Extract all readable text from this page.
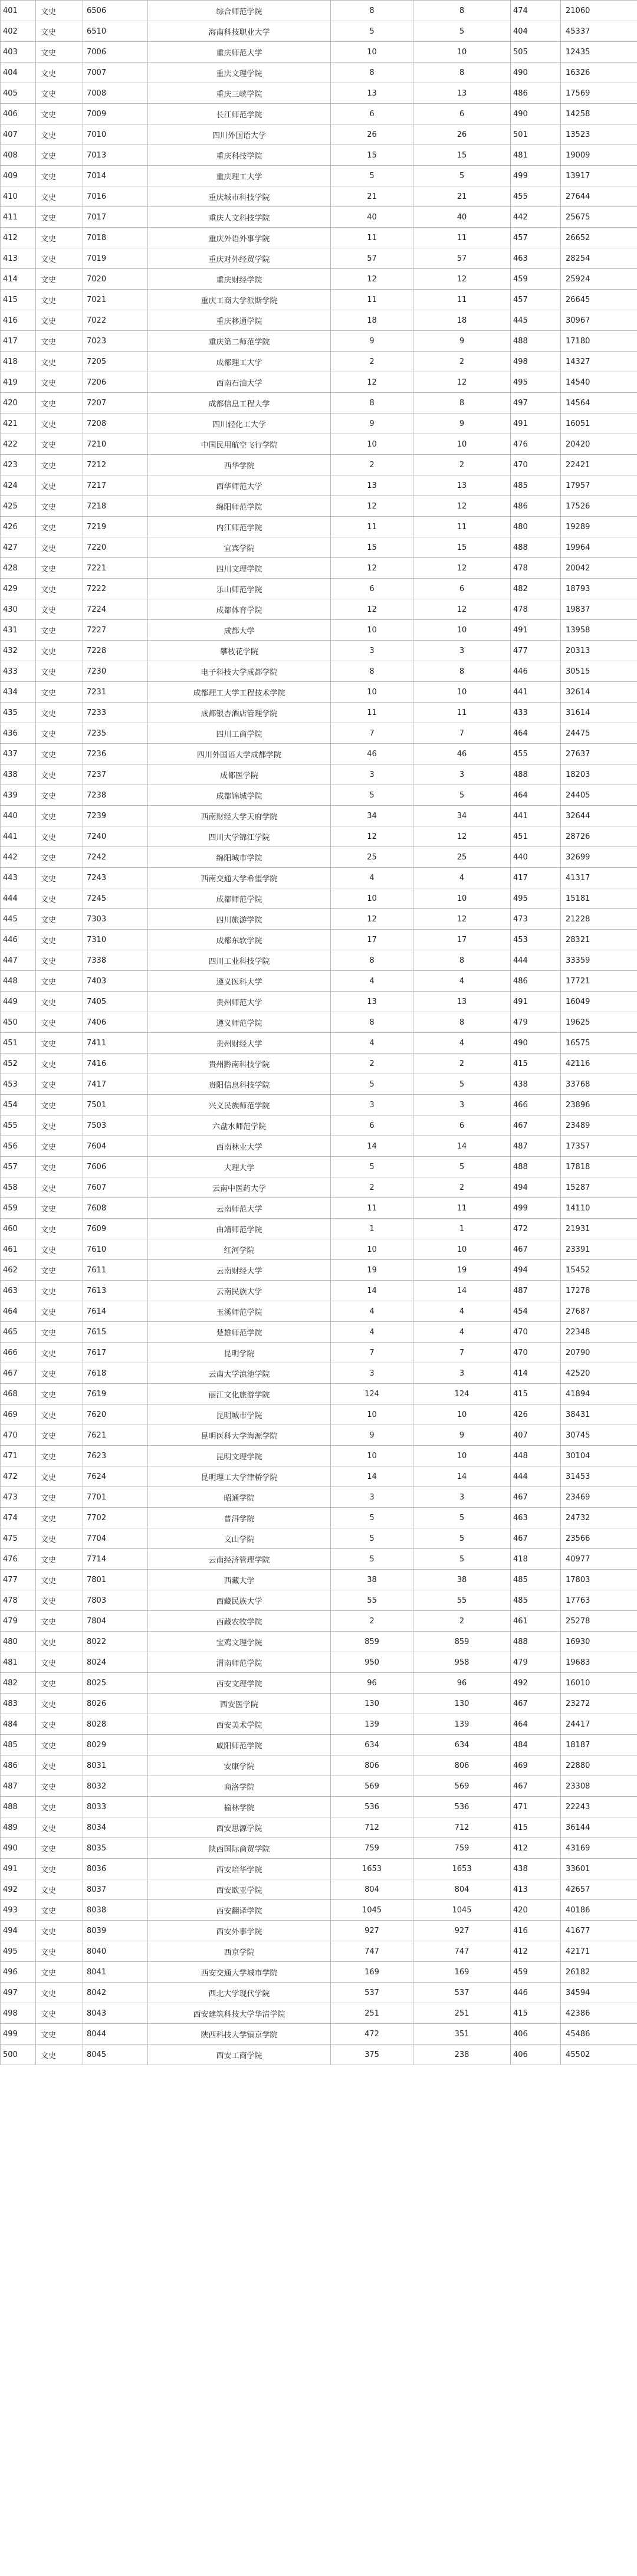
401	文史	6506	综合师范学院	8	8	474	21060
402	文史	6510	海南科技职业大学	5	5	404	45337
403	文史	7006	重庆师范大学	10	10	505	12435
404	文史	7007	重庆文理学院	8	8	490	16326
405	文史	7008	重庆三峡学院	13	13	486	17569
406	文史	7009	长江师范学院	6	6	490	14258
407	文史	7010	四川外国语大学	26	26	501	13523
408	文史	7013	重庆科技学院	15	15	481	19009
409	文史	7014	重庆理工大学	5	5	499	13917
410	文史	7016	重庆城市科技学院	21	21	455	27644
411	文史	7017	重庆人文科技学院	40	40	442	25675
412	文史	7018	重庆外语外事学院	11	11	457	26652
413	文史	7019	重庆对外经贸学院	57	57	463	28254
414	文史	7020	重庆财经学院	12	12	459	25924
415	文史	7021	重庆工商大学派斯学院	11	11	457	26645
416	文史	7022	重庆移通学院	18	18	445	30967
417	文史	7023	重庆第二师范学院	9	9	488	17180
418	文史	7205	成都理工大学	2	2	498	14327
419	文史	7206	西南石油大学	12	12	495	14540
420	文史	7207	成都信息工程大学	8	8	497	14564
421	文史	7208	四川轻化工大学	9	9	491	16051
422	文史	7210	中国民用航空飞行学院	10	10	476	20420
423	文史	7212	西华学院	2	2	470	22421
424	文史	7217	西华师范大学	13	13	485	17957
425	文史	7218	绵阳师范学院	12	12	486	17526
426	文史	7219	内江师范学院	11	11	480	19289
427	文史	7220	宜宾学院	15	15	488	19964
428	文史	7221	四川文理学院	12	12	478	20042
429	文史	7222	乐山师范学院	6	6	482	18793
430	文史	7224	成都体育学院	12	12	478	19837
431	文史	7227	成都大学	10	10	491	13958
432	文史	7228	攀枝花学院	3	3	477	20313
433	文史	7230	电子科技大学成都学院	8	8	446	30515
434	文史	7231	成都理工大学工程技术学院	10	10	441	32614
435	文史	7233	成都银杏酒店管理学院	11	11	433	31614
436	文史	7235	四川工商学院	7	7	464	24475
437	文史	7236	四川外国语大学成都学院	46	46	455	27637
438	文史	7237	成都医学院	3	3	488	18203
439	文史	7238	成都锦城学院	5	5	464	24405
440	文史	7239	西南财经大学天府学院	34	34	441	32644
441	文史	7240	四川大学锦江学院	12	12	451	28726
442	文史	7242	绵阳城市学院	25	25	440	32699
443	文史	7243	西南交通大学希望学院	4	4	417	41317
444	文史	7245	成都师范学院	10	10	495	15181
445	文史	7303	四川旅游学院	12	12	473	21228
446	文史	7310	成都东软学院	17	17	453	28321
447	文史	7338	四川工业科技学院	8	8	444	33359
448	文史	7403	遵义医科大学	4	4	486	17721
449	文史	7405	贵州师范大学	13	13	491	16049
450	文史	7406	遵义师范学院	8	8	479	19625
451	文史	7411	贵州财经大学	4	4	490	16575
452	文史	7416	贵州黔南科技学院	2	2	415	42116
453	文史	7417	贵阳信息科技学院	5	5	438	33768
454	文史	7501	兴义民族师范学院	3	3	466	23896
455	文史	7503	六盘水师范学院	6	6	467	23489
456	文史	7604	西南林业大学	14	14	487	17357
457	文史	7606	大理大学	5	5	488	17818
458	文史	7607	云南中医药大学	2	2	494	15287
459	文史	7608	云南师范大学	11	11	499	14110
460	文史	7609	曲靖师范学院	1	1	472	21931
461	文史	7610	红河学院	10	10	467	23391
462	文史	7611	云南财经大学	19	19	494	15452
463	文史	7613	云南民族大学	14	14	487	17278
464	文史	7614	玉溪师范学院	4	4	454	27687
465	文史	7615	楚雄师范学院	4	4	470	22348
466	文史	7617	昆明学院	7	7	470	20790
467	文史	7618	云南大学滇池学院	3	3	414	42520
468	文史	7619	丽江文化旅游学院	124	124	415	41894
469	文史	7620	昆明城市学院	10	10	426	38431
470	文史	7621	昆明医科大学海源学院	9	9	407	30745
471	文史	7623	昆明文理学院	10	10	448	30104
472	文史	7624	昆明理工大学津桥学院	14	14	444	31453
473	文史	7701	昭通学院	3	3	467	23469
474	文史	7702	普洱学院	5	5	463	24732
475	文史	7704	文山学院	5	5	467	23566
476	文史	7714	云南经济管理学院	5	5	418	40977
477	文史	7801	西藏大学	38	38	485	17803
478	文史	7803	西藏民族大学	55	55	485	17763
479	文史	7804	西藏农牧学院	2	2	461	25278
480	文史	8022	宝鸡文理学院	859	859	488	16930
481	文史	8024	渭南师范学院	950	958	479	19683
482	文史	8025	西安文理学院	96	96	492	16010
483	文史	8026	西安医学院	130	130	467	23272
484	文史	8028	西安美术学院	139	139	464	24417
485	文史	8029	咸阳师范学院	634	634	484	18187
486	文史	8031	安康学院	806	806	469	22880
487	文史	8032	商洛学院	569	569	467	23308
488	文史	8033	榆林学院	536	536	471	22243
489	文史	8034	西安思源学院	712	712	415	36144
490	文史	8035	陕西国际商贸学院	759	759	412	43169
491	文史	8036	西安培华学院	1653	1653	438	33601
492	文史	8037	西安欧亚学院	804	804	413	42657
493	文史	8038	西安翻译学院	1045	1045	420	40186
494	文史	8039	西安外事学院	927	927	416	41677
495	文史	8040	西京学院	747	747	412	42171
496	文史	8041	西安交通大学城市学院	169	169	459	26182
497	文史	8042	西北大学现代学院	537	537	446	34594
498	文史	8043	西安建筑科技大学华清学院	251	251	415	42386
499	文史	8044	陕西科技大学镐京学院	472	351	406	45486
500	文史	8045	西安工商学院	375	238	406	45502
